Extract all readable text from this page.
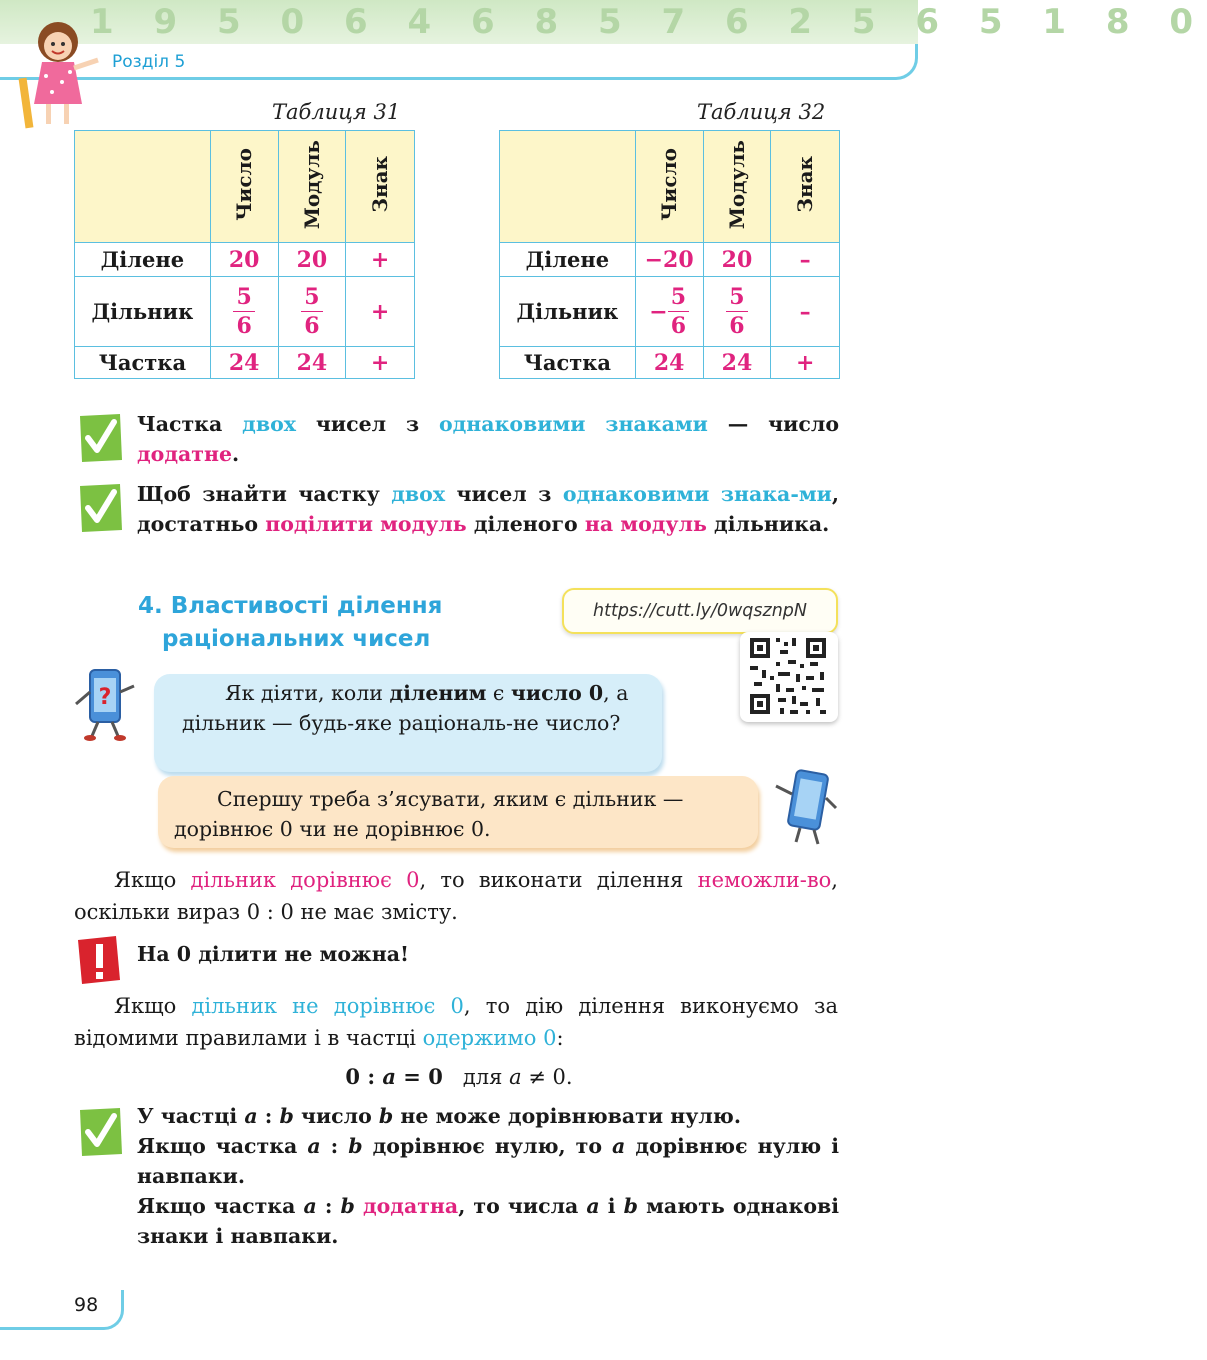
1 9 5 0 6 4 6 8 5 7 6 2 5 6 5 1 8 0
Розділ 5
Таблиця 31
	Число	Модуль	Знак
Ділене	20	20	+
Дільник	$\frac{5}{6}$	$\frac{5}{6}$	+
Частка	24	24	+
Таблиця 32
	Число	Модуль	Знак
Ділене	−20	20	–
Дільник	− $\frac{5}{6}$	$\frac{5}{6}$	–
Частка	24	24	+
Частка двох чисел з однаковими знаками — число додатне.
Щоб знайти частку двох чисел з однаковими знака-ми, достатньо поділити модуль діленого на модуль дільника.
4. Властивості ділення
раціональних чисел
https://cutt.ly/0wqsznpN
?	Як діяти, коли діленим є число 0, а дільник — будь-яке раціональ-не число?
Спершу треба з’ясувати, яким є дільник — дорівнює 0 чи не дорівнює 0.
Якщо дільник дорівнює 0, то виконати ділення неможли-во, оскільки вираз 0 : 0 не має змісту.
На 0 ділити не можна!
Якщо дільник не дорівнює 0, то дію ділення виконуємо за відомими правилами і в частці одержимо 0:
0 : a = 0 для a ≠ 0.
У частці a : b число b не може дорівнювати нулю.
Якщо частка a : b дорівнює нулю, то a дорівнює нулю і навпаки.
Якщо частка a : b додатна, то числа a і b мають однакові знаки і навпаки.
98
